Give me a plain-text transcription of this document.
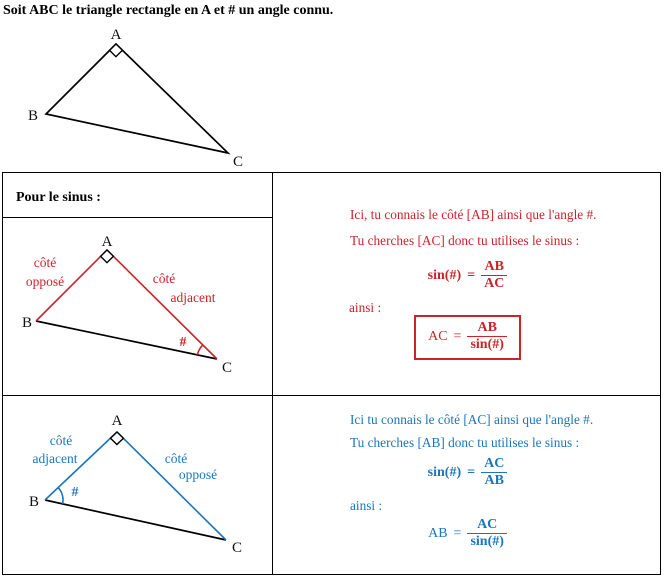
Soit ABC le triangle rectangle en A et # un angle connu.
A
B
C
Pour le sinus :
A
B
C
côté
opposé	côté
adjacent
#
Ici, tu connais le côté [AB] ainsi que l'angle #.
Tu cherches [AC] donc tu utilises le sinus :
sin(#) = $\frac{AB}{AC}$
ainsi :
AC = $\frac{AB}{\sin(\#)}$
A
B
C
côté
adjacent	côté
opposé
#
Ici tu connais le côté [AC] ainsi que l'angle #.
Tu cherches [AB] donc tu utilises le sinus :
sin(#) = $\frac{AC}{AB}$
ainsi :
AB = $\frac{AC}{\sin(\#)}$
